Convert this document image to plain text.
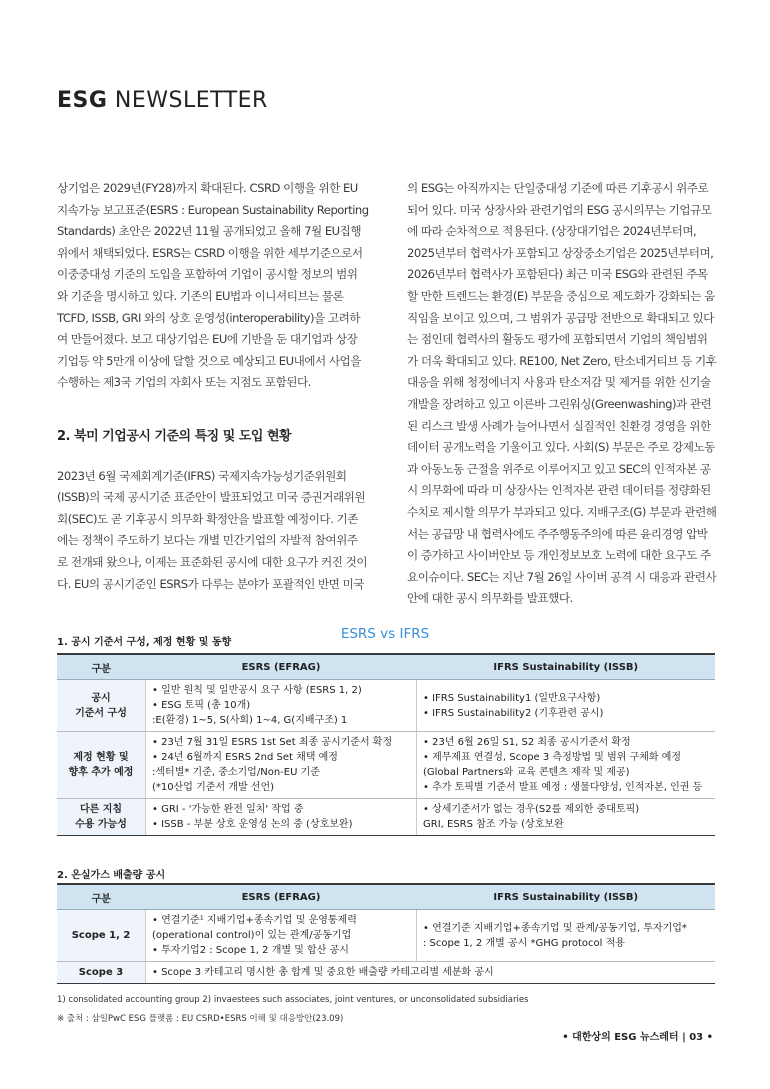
ESG NEWSLETTER

상기업은 2029년(FY28)까지 확대된다. CSRD 이행을 위한 EU

지속가능 보고표준(ESRS : European Sustainability Reporting

Standards) 초안은 2022년 11월 공개되었고 올해 7월 EU집행

위에서 채택되었다. ESRS는 CSRD 이행을 위한 세부기준으로서

이중중대성 기준의 도입을 포함하여 기업이 공시할 정보의 범위

와 기준을 명시하고 있다. 기존의 EU법과 이니셔티브는 물론

TCFD, ISSB, GRI 와의 상호 운영성(interoperability)을 고려하

여 만들어졌다. 보고 대상기업은 EU에 기반을 둔 대기업과 상장

기업등 약 5만개 이상에 달할 것으로 예상되고 EU내에서 사업을

수행하는 제3국 기업의 자회사 또는 지점도 포함된다.

2. 북미 기업공시 기준의 특징 및 도입 현황

2023년 6월 국제회계기준(IFRS) 국제지속가능성기준위원회

(ISSB)의 국제 공시기준 표준안이 발표되었고 미국 증권거래위원

회(SEC)도 곧 기후공시 의무화 확정안을 발표할 예정이다. 기존

에는 정책이 주도하기 보다는 개별 민간기업의 자발적 참여위주

로 전개돼 왔으나, 이제는 표준화된 공시에 대한 요구가 커진 것이

다. EU의 공시기준인 ESRS가 다루는 분야가 포괄적인 반면 미국

의 ESG는 아직까지는 단일중대성 기준에 따른 기후공시 위주로

되어 있다. 미국 상장사와 관련기업의 ESG 공시의무는 기업규모

에 따라 순차적으로 적용된다. (상장대기업은 2024년부터며,

2025년부터 협력사가 포함되고 상장중소기업은 2025년부터며,

2026년부터 협력사가 포함된다) 최근 미국 ESG와 관련된 주목

할 만한 트렌드는 환경(E) 부문을 중심으로 제도화가 강화되는 움

직임을 보이고 있으며, 그 범위가 공급망 전반으로 확대되고 있다

는 점인데 협력사의 활동도 평가에 포함되면서 기업의 책임범위

가 더욱 확대되고 있다. RE100, Net Zero, 탄소네거티브 등 기후

대응을 위해 청정에너지 사용과 탄소저감 및 제거를 위한 신기술

개발을 장려하고 있고 이른바 그린워싱(Greenwashing)과 관련

된 리스크 발생 사례가 늘어나면서 실질적인 친환경 경영을 위한

데이터 공개노력을 기울이고 있다. 사회(S) 부문은 주로 강제노동

과 아동노동 근절을 위주로 이루어지고 있고 SEC의 인적자본 공

시 의무화에 따라 미 상장사는 인적자본 관련 데이터를 정량화된

수치로 제시할 의무가 부과되고 있다. 지배구조(G) 부문과 관련해

서는 공급망 내 협력사에도 주주행동주의에 따른 윤리경영 압박

이 증가하고 사이버안보 등 개인정보보호 노력에 대한 요구도 주

요이슈이다. SEC는 지난 7월 26일 사이버 공격 시 대응과 관련사

안에 대한 공시 의무화를 발표했다.

ESRS vs IFRS
1. 공시 기준서 구성, 제정 현황 및 동향
구분	ESRS (EFRAG)	IFRS Sustainability (ISSB)

공시
기준서 구성	• 일반 원칙 및 일반공시 요구 사항 (ESRS 1, 2)
• ESG 토픽 (총 10개)
:E(환경) 1~5, S(사회) 1~4, G(지배구조) 1	• IFRS Sustainability1 (일반요구사항)
• IFRS Sustainability2 (기후관련 공시)

제정 현황 및
향후 추가 예정	• 23년 7월 31일 ESRS 1st Set 최종 공시기준서 확정
• 24년 6월까지 ESRS 2nd Set 채택 예정
:섹터별* 기준, 중소기업/Non-EU 기준
(*10산업 기준서 개발 선언)	• 23년 6월 26일 S1, S2 최종 공시기준서 확정
• 제무제표 연결성, Scope 3 측정방법 및 범위 구체화 예정
(Global Partners와 교육 콘텐츠 제작 및 제공)
• 추가 토픽별 기준서 발표 예정 : 생물다양성, 인적자본, 인권 등

다른 지침
수용 가능성	• GRI - '가능한 완전 일치' 작업 중
• ISSB - 부분 상호 운영성 논의 중 (상호보완)	• 상세기준서가 없는 경우(S2를 제외한 중대토픽)
GRI, ESRS 참조 가능 (상호보완
2. 온실가스 배출량 공시
구분	ESRS (EFRAG)	IFRS Sustainability (ISSB)

Scope 1, 2	• 연결기준¹ 지배기업+종속기업 및 운영통제력
(operational control)이 있는 관계/공동기업
• 투자기업2 : Scope 1, 2 개별 및 합산 공시	• 연결기준 지배기업+종속기업 및 관계/공동기업, 투자기업*
: Scope 1, 2 개별 공시 *GHG protocol 적용

Scope 3	• Scope 3 카테고리 명시한 총 합계 및 중요한 배출량 카테고리별 세분화 공시	
1) consolidated accounting group 2) invaestees such associates, joint ventures, or unconsolidated subsidiaries
※ 출처 : 삼일PwC ESG 플랫폼 : EU CSRD•ESRS 이해 및 대응방안(23.09)
• 대한상의 ESG 뉴스레터 | 03 •
